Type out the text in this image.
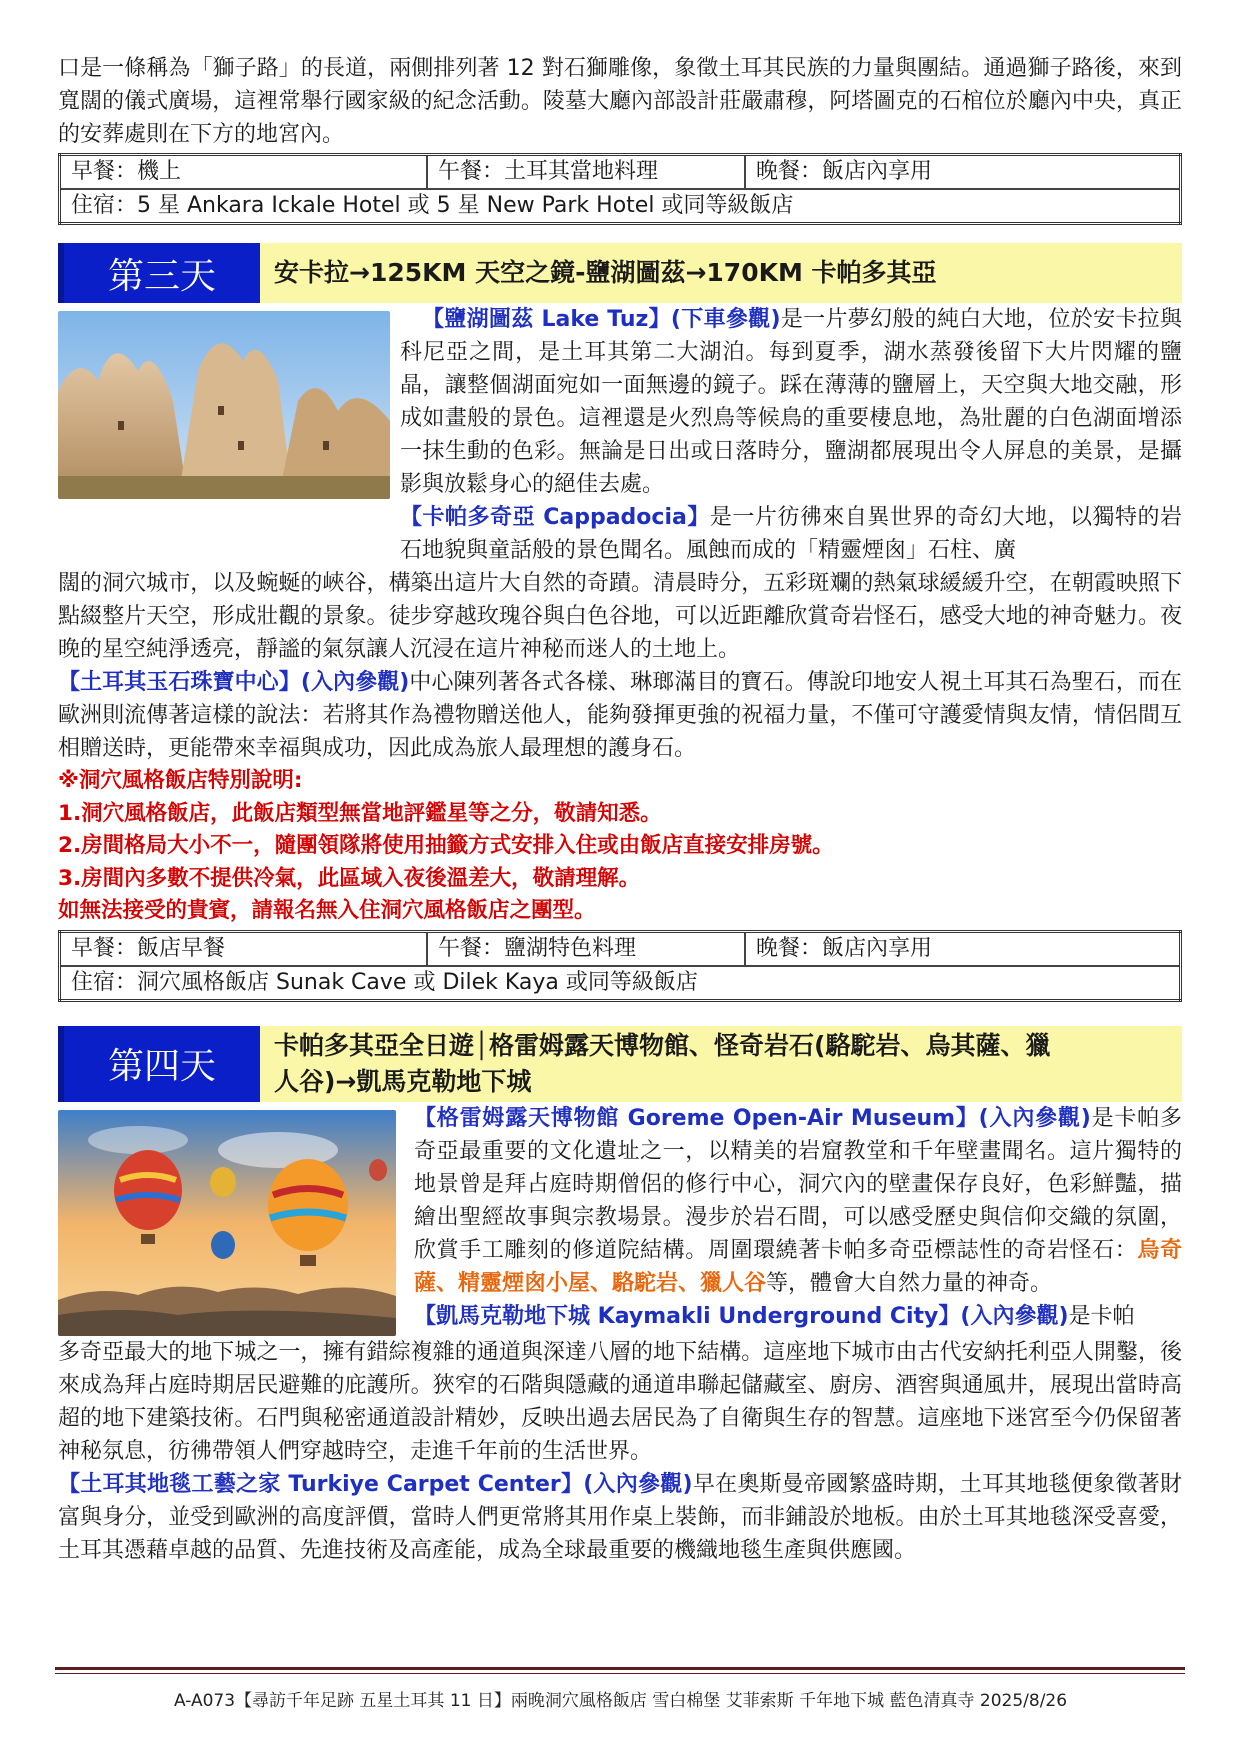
口是一條稱為「獅子路」的長道，兩側排列著 12 對石獅雕像，象徵土耳其民族的力量與團結。通過獅子路後，來到寬闊的儀式廣場，這裡常舉行國家級的紀念活動。陵墓大廳內部設計莊嚴肅穆，阿塔圖克的石棺位於廳內中央，真正的安葬處則在下方的地宮內。

早餐：機上	午餐：土耳其當地料理	晚餐：飯店內享用
住宿：5 星 Ankara Ickale Hotel 或 5 星 New Park Hotel 或同等級飯店
第三天	安卡拉→125KM 天空之鏡-鹽湖圖茲→170KM 卡帕多其亞

【鹽湖圖茲 Lake Tuz】(下車參觀)是一片夢幻般的純白大地，位於安卡拉與科尼亞之間，是土耳其第二大湖泊。每到夏季，湖水蒸發後留下大片閃耀的鹽晶，讓整個湖面宛如一面無邊的鏡子。踩在薄薄的鹽層上，天空與大地交融，形成如畫般的景色。這裡還是火烈鳥等候鳥的重要棲息地，為壯麗的白色湖面增添一抹生動的色彩。無論是日出或日落時分，鹽湖都展現出令人屏息的美景，是攝影與放鬆身心的絕佳去處。
【卡帕多奇亞 Cappadocia】是一片彷彿來自異世界的奇幻大地，以獨特的岩石地貌與童話般的景色聞名。風蝕而成的「精靈煙囪」石柱、廣

闊的洞穴城市，以及蜿蜒的峽谷，構築出這片大自然的奇蹟。清晨時分，五彩斑斕的熱氣球緩緩升空，在朝霞映照下點綴整片天空，形成壯觀的景象。徒步穿越玫瑰谷與白色谷地，可以近距離欣賞奇岩怪石，感受大地的神奇魅力。夜晚的星空純淨透亮，靜謐的氣氛讓人沉浸在這片神秘而迷人的土地上。

【土耳其玉石珠寶中心】(入內參觀)中心陳列著各式各樣、琳瑯滿目的寶石。傳說印地安人視土耳其石為聖石，而在歐洲則流傳著這樣的說法：若將其作為禮物贈送他人，能夠發揮更強的祝福力量，不僅可守護愛情與友情，情侶間互相贈送時，更能帶來幸福與成功，因此成為旅人最理想的護身石。

※洞穴風格飯店特別說明:

1.洞穴風格飯店，此飯店類型無當地評鑑星等之分，敬請知悉。

2.房間格局大小不一，隨團領隊將使用抽籤方式安排入住或由飯店直接安排房號。

3.房間內多數不提供冷氣，此區域入夜後溫差大，敬請理解。

如無法接受的貴賓，請報名無入住洞穴風格飯店之團型。

早餐：飯店早餐	午餐：鹽湖特色料理	晚餐：飯店內享用
住宿：洞穴風格飯店 Sunak Cave 或 Dilek Kaya 或同等級飯店
第四天
卡帕多其亞全日遊│格雷姆露天博物館、怪奇岩石(駱駝岩、烏其薩、獵
人谷)→凱馬克勒地下城

【格雷姆露天博物館 Goreme Open-Air Museum】(入內參觀)是卡帕多奇亞最重要的文化遺址之一，以精美的岩窟教堂和千年壁畫聞名。這片獨特的地景曾是拜占庭時期僧侶的修行中心，洞穴內的壁畫保存良好，色彩鮮豔，描繪出聖經故事與宗教場景。漫步於岩石間，可以感受歷史與信仰交織的氛圍，欣賞手工雕刻的修道院結構。周圍環繞著卡帕多奇亞標誌性的奇岩怪石：烏奇薩、精靈煙囪小屋、駱駝岩、獵人谷等，體會大自然力量的神奇。
【凱馬克勒地下城 Kaymakli Underground City】(入內參觀)是卡帕

多奇亞最大的地下城之一，擁有錯綜複雜的通道與深達八層的地下結構。這座地下城市由古代安納托利亞人開鑿，後來成為拜占庭時期居民避難的庇護所。狹窄的石階與隱藏的通道串聯起儲藏室、廚房、酒窖與通風井，展現出當時高超的地下建築技術。石門與秘密通道設計精妙，反映出過去居民為了自衛與生存的智慧。這座地下迷宮至今仍保留著神秘氛息，彷彿帶領人們穿越時空，走進千年前的生活世界。

【土耳其地毯工藝之家 Turkiye Carpet Center】(入內參觀)早在奧斯曼帝國繁盛時期，土耳其地毯便象徵著財富與身分，並受到歐洲的高度評價，當時人們更常將其用作桌上裝飾，而非鋪設於地板。由於土耳其地毯深受喜愛，土耳其憑藉卓越的品質、先進技術及高產能，成為全球最重要的機織地毯生產與供應國。

A-A073【尋訪千年足跡 五星土耳其 11 日】兩晚洞穴風格飯店 雪白棉堡 艾菲索斯 千年地下城 藍色清真寺 2025/8/26
